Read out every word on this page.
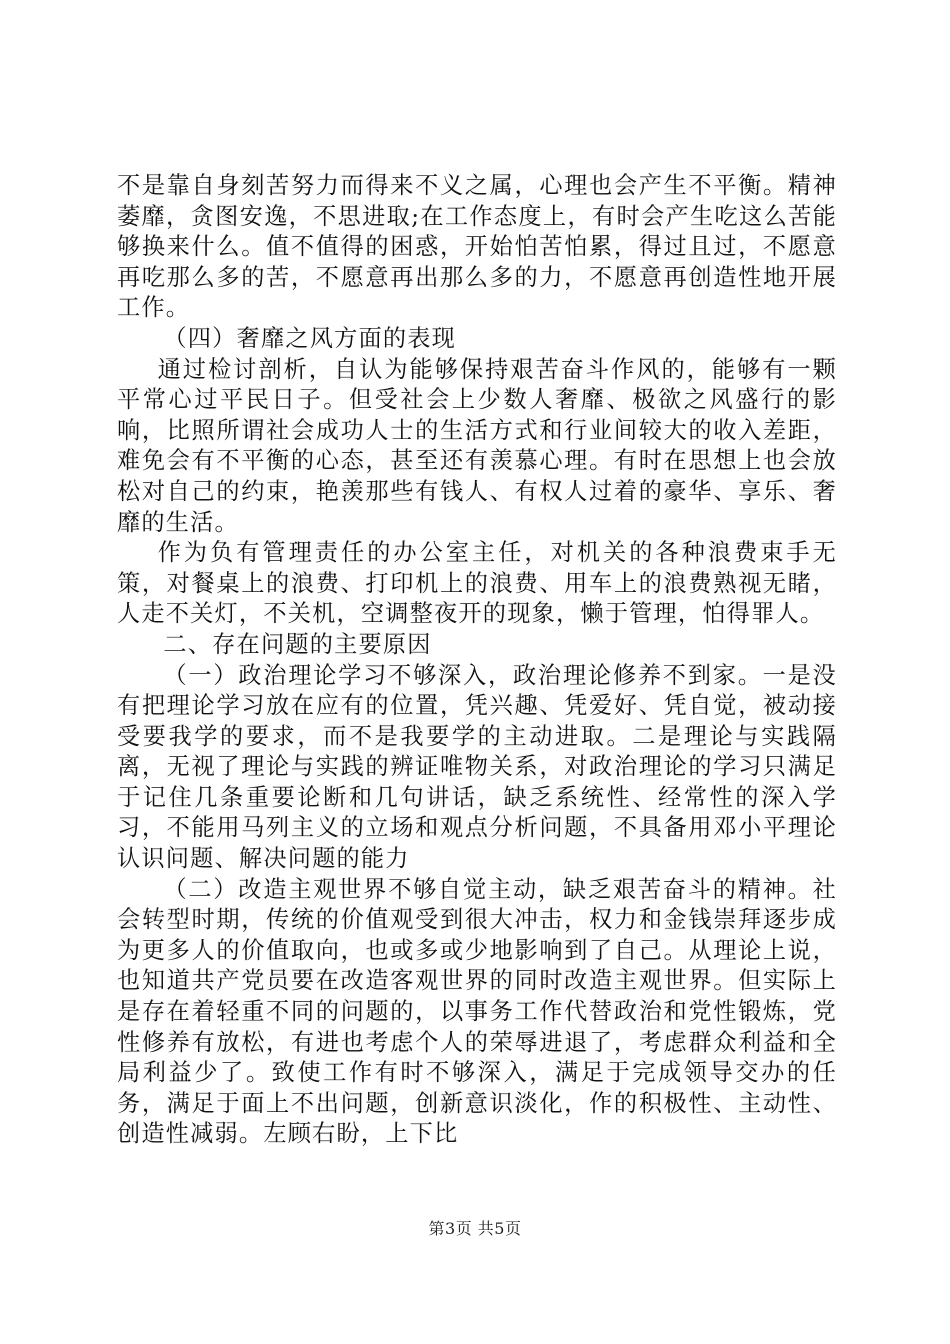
不是靠自身刻苦努力而得来不义之属，心理也会产生不平衡。精神萎靡，贪图安逸，不思进取;在工作态度上，有时会产生吃这么苦能够换来什么。值不值得的困惑，开始怕苦怕累，得过且过，不愿意再吃那么多的苦，不愿意再出那么多的力，不愿意再创造性地开展工作。

（四）奢靡之风方面的表现

通过检讨剖析，自认为能够保持艰苦奋斗作风的，能够有一颗平常心过平民日子。但受社会上少数人奢靡、极欲之风盛行的影响，比照所谓社会成功人士的生活方式和行业间较大的收入差距，难免会有不平衡的心态，甚至还有羡慕心理。有时在思想上也会放松对自己的约束，艳羡那些有钱人、有权人过着的豪华、享乐、奢靡的生活。

作为负有管理责任的办公室主任，对机关的各种浪费束手无策，对餐桌上的浪费、打印机上的浪费、用车上的浪费熟视无睹，人走不关灯，不关机，空调整夜开的现象，懒于管理，怕得罪人。

二、存在问题的主要原因

（一）政治理论学习不够深入，政治理论修养不到家。一是没有把理论学习放在应有的位置，凭兴趣、凭爱好、凭自觉，被动接受要我学的要求，而不是我要学的主动进取。二是理论与实践隔离，无视了理论与实践的辨证唯物关系，对政治理论的学习只满足于记住几条重要论断和几句讲话，缺乏系统性、经常性的深入学习，不能用马列主义的立场和观点分析问题，不具备用邓小平理论认识问题、解决问题的能力

（二）改造主观世界不够自觉主动，缺乏艰苦奋斗的精神。社会转型时期，传统的价值观受到很大冲击，权力和金钱崇拜逐步成为更多人的价值取向，也或多或少地影响到了自己。从理论上说，也知道共产党员要在改造客观世界的同时改造主观世界。但实际上是存在着轻重不同的问题的，以事务工作代替政治和党性锻炼，党性修养有放松，有进也考虑个人的荣辱进退了，考虑群众利益和全局利益少了。致使工作有时不够深入，满足于完成领导交办的任务，满足于面上不出问题，创新意识淡化，作的积极性、主动性、创造性减弱。左顾右盼，上下比

第3页 共5页
